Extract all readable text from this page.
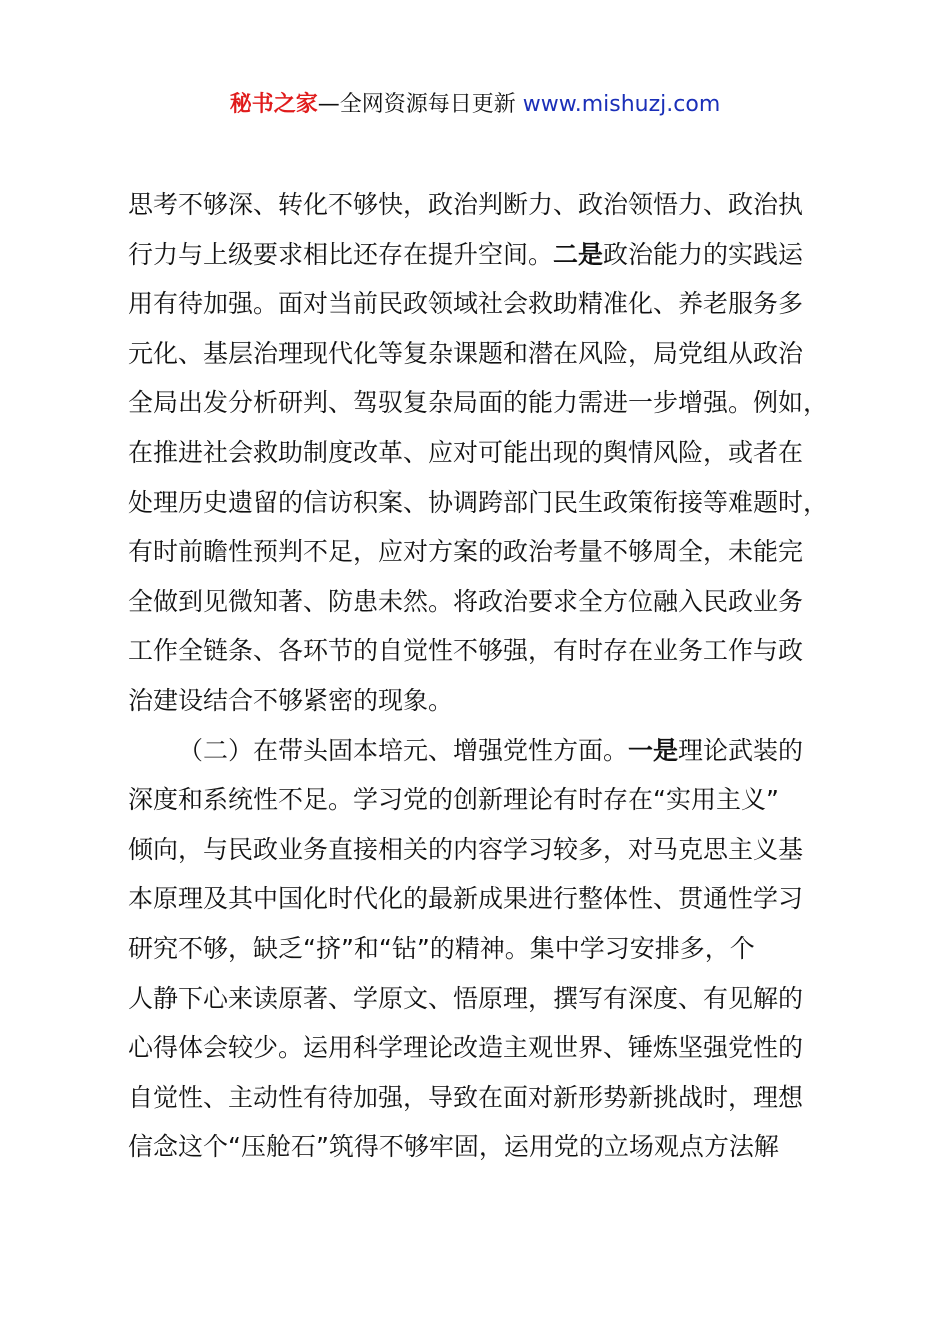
秘书之家—全网资源每日更新 www.mishuzj.com
思考不够深、转化不够快，政治判断力、政治领悟力、政治执
行力与上级要求相比还存在提升空间。二是政治能力的实践运
用有待加强。面对当前民政领域社会救助精准化、养老服务多
元化、基层治理现代化等复杂课题和潜在风险，局党组从政治
全局出发分析研判、驾驭复杂局面的能力需进一步增强。例如，
在推进社会救助制度改革、应对可能出现的舆情风险，或者在
处理历史遗留的信访积案、协调跨部门民生政策衔接等难题时，
有时前瞻性预判不足，应对方案的政治考量不够周全，未能完
全做到见微知著、防患未然。将政治要求全方位融入民政业务
工作全链条、各环节的自觉性不够强，有时存在业务工作与政
治建设结合不够紧密的现象。
（二）在带头固本培元、增强党性方面。一是理论武装的
深度和系统性不足。学习党的创新理论有时存在“实用主义”
倾向，与民政业务直接相关的内容学习较多，对马克思主义基
本原理及其中国化时代化的最新成果进行整体性、贯通性学习
研究不够，缺乏“挤”和“钻”的精神。集中学习安排多，个
人静下心来读原著、学原文、悟原理，撰写有深度、有见解的
心得体会较少。运用科学理论改造主观世界、锤炼坚强党性的
自觉性、主动性有待加强，导致在面对新形势新挑战时，理想
信念这个“压舱石”筑得不够牢固，运用党的立场观点方法解
